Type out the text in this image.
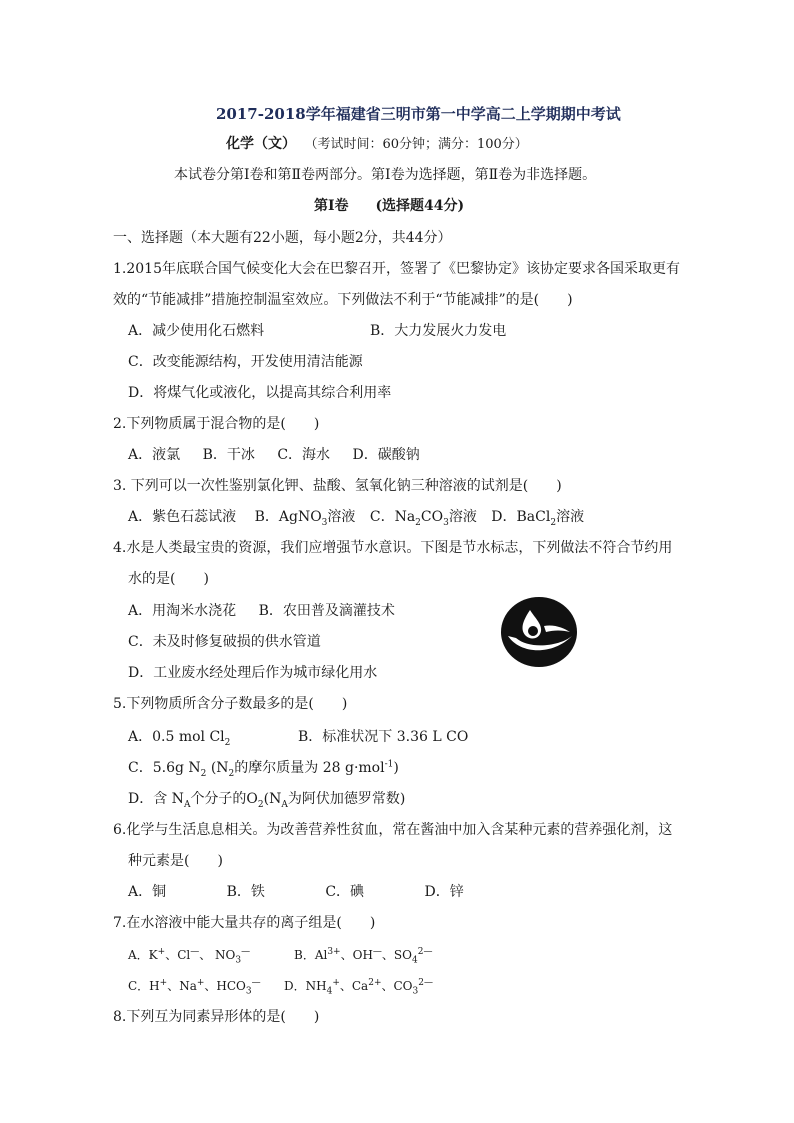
2017-2018学年福建省三明市第一中学高二上学期期中考试
化学（文） （考试时间：60分钟；满分：100分）
本试卷分第Ⅰ卷和第Ⅱ卷两部分。第Ⅰ卷为选择题，第Ⅱ卷为非选择题。
第Ⅰ卷 (选择题44分)
一、选择题（本大题有22小题，每小题2分，共44分）
1.2015年底联合国气候变化大会在巴黎召开，签署了《巴黎协定》该协定要求各国采取更有
效的“节能减排”措施控制温室效应。下列做法不利于“节能减排”的是(　　)
A．减少使用化石燃料	B．大力发展火力发电
C．改变能源结构，开发使用清洁能源
D．将煤气化或液化，以提高其综合利用率
2.下列物质属于混合物的是(　　)
A．液氯 B．干冰 C．海水 D．碳酸钠
3. 下列可以一次性鉴别氯化钾、盐酸、氢氧化钠三种溶液的试剂是(　　)
A．紫色石蕊试液 B．AgNO$_3$溶液 C．$Na_2CO_3$溶液 D．BaCl$_2$溶液
4.水是人类最宝贵的资源，我们应增强节水意识。下图是节水标志，下列做法不符合节约用
水的是(　　)
A．用淘米水浇花 B．农田普及滴灌技术
C．未及时修复破损的供水管道
D．工业废水经处理后作为城市绿化用水
5.下列物质所含分子数最多的是(　　)
A．0.5 mol $Cl_2$	B．标准状况下 3.36 L CO
C．5.6g $N_2$ ($N_2$的摩尔质量为 28 g·mol$^{-1}$)
D．含 $N_A$个分子的$O_2(N_A$为阿伏加德罗常数)
6.化学与生活息息相关。为改善营养性贫血，常在酱油中加入含某种元素的营养强化剂，这
种元素是(　　)
A．铜	B．铁	C．碘	D．锌
7.在水溶液中能大量共存的离子组是(　　)
A．K+、Cl—、 $NO_3^—$	B．$Al^{3+}$、OH—、$SO_4^{2—}$
C．H+、Na+、$HCO_3^—$ D．$NH_4^+$、$Ca^{2+}$、$CO_3^{2—}$
8.下列互为同素异形体的是(　　)
